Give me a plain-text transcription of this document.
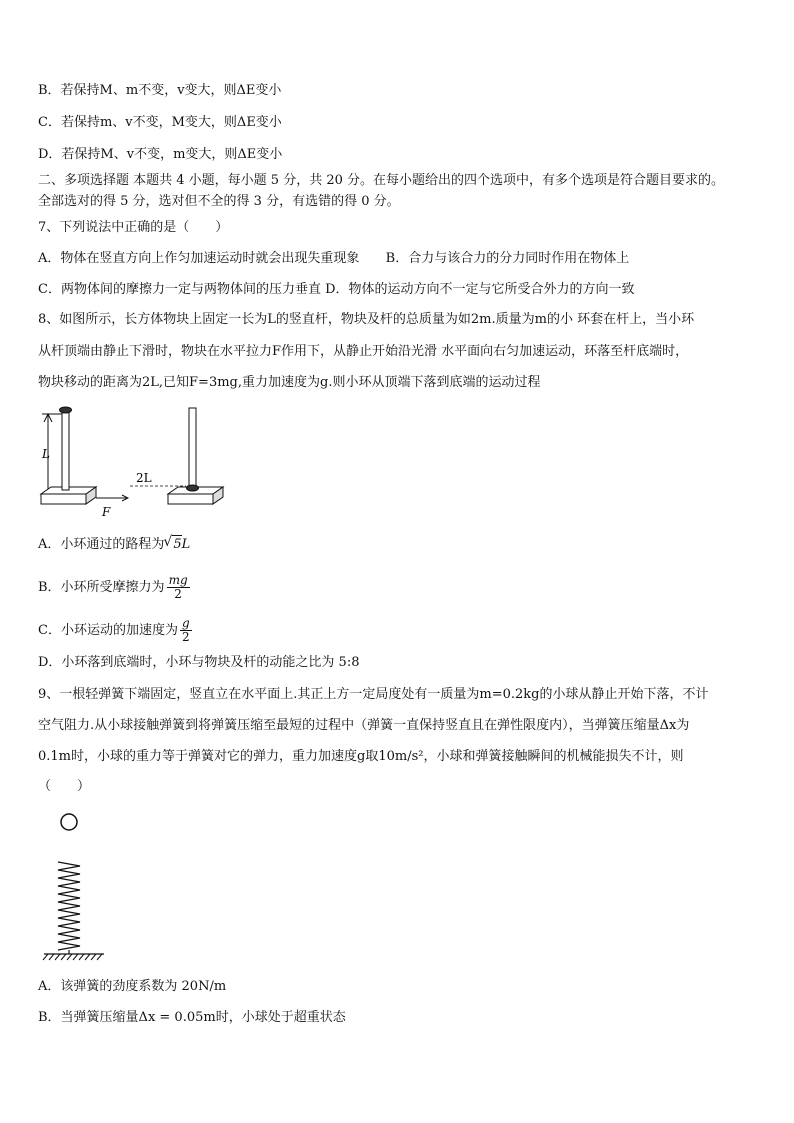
B．若保持M、m不变，v变大，则ΔE变小
C．若保持m、v不变，M变大，则ΔE变小
D．若保持M、v不变，m变大，则ΔE变小
二、多项选择题 本题共 4 小题，每小题 5 分，共 20 分。在每小题给出的四个选项中，有多个选项是符合题目要求的。
全部选对的得 5 分，选对但不全的得 3 分，有选错的得 0 分。
7、下列说法中正确的是（　　）
A．物体在竖直方向上作匀加速运动时就会出现失重现象 B．合力与该合力的分力同时作用在物体上
C．两物体间的摩擦力一定与两物体间的压力垂直 D．物体的运动方向不一定与它所受合外力的方向一致
8、如图所示，长方体物块上固定一长为L的竖直杆，物块及杆的总质量为如2m.质量为m的小 环套在杆上，当小环
从杆顶端由静止下滑时，物块在水平拉力F作用下，从静止开始沿光滑 水平面向右匀加速运动，环落至杆底端时，
物块移动的距离为2L,已知F=3mg,重力加速度为g.则小环从顶端下落到底端的运动过程
L
F
2L
A．小环通过的路程为√ 5L
B．小环所受摩擦力为 $\frac{mg}{2}$
C．小环运动的加速度为 $\frac{g}{2}$
D．小环落到底端时，小环与物块及杆的动能之比为 5:8
9、一根轻弹簧下端固定，竖直立在水平面上.其正上方一定局度处有一质量为m=0.2kg的小球从静止开始下落，不计
空气阻力.从小球接触弹簧到将弹簧压缩至最短的过程中（弹簧一直保持竖直且在弹性限度内），当弹簧压缩量Δx为
0.1m时，小球的重力等于弹簧对它的弹力，重力加速度g取10m/s²，小球和弹簧接触瞬间的机械能损失不计，则
（　　）
A．该弹簧的劲度系数为 20N/m
B．当弹簧压缩量Δx = 0.05m时，小球处于超重状态
